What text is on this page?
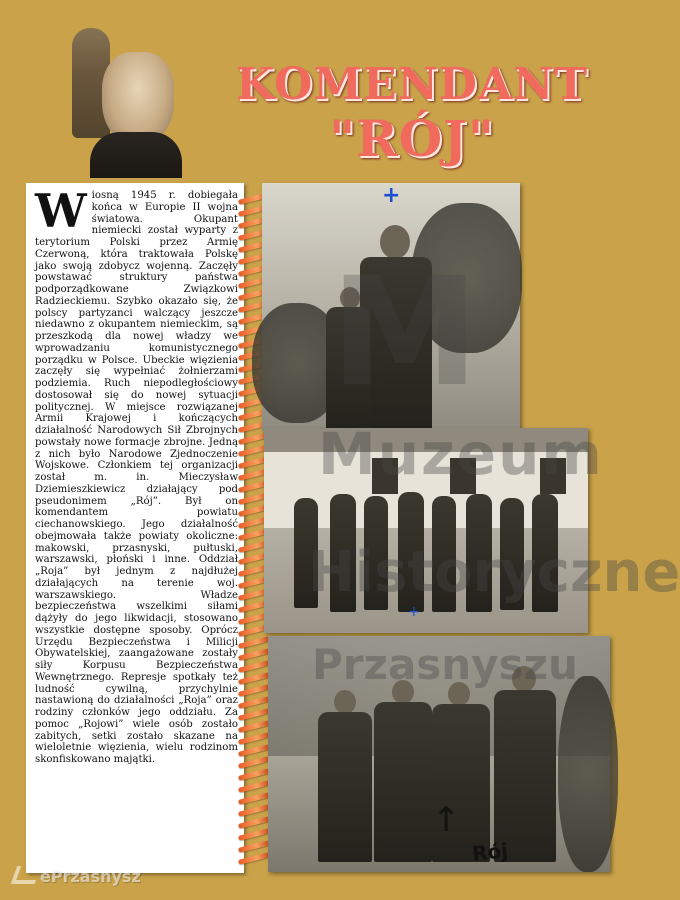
KOMENDANT
"RÓJ"

Wiosną 1945 r. dobiegała końca w Europie II wojna światowa. Okupant niemiecki został wyparty z terytorium Polski przez Armię Czerwoną, która traktowała Polskę jako swoją zdobycz wojenną. Zaczęły powstawać struktury państwa podporządkowane Związkowi Radzieckiemu. Szybko okazało się, że polscy partyzanci walczący jeszcze niedawno z okupantem niemieckim, są przeszkodą dla nowej władzy we wprowadzaniu komunistycznego porządku w Polsce. Ubeckie więzienia zaczęły się wypełniać żołnierzami podziemia. Ruch niepodległościowy dostosował się do nowej sytuacji politycznej. W miejsce rozwiązanej Armii Krajowej i kończących działalność Narodowych Sił Zbrojnych powstały nowe formacje zbrojne. Jedną z nich było Narodowe Zjednoczenie Wojskowe. Członkiem tej organizacji został m. in. Mieczysław Dziemieszkiewicz działający pod pseudonimem „Rój”. Był on komendantem powiatu ciechanowskiego. Jego działalność obejmowała także powiaty okoliczne: makowski, przasnyski, pułtuski, warszawski, płoński i inne. Oddział „Roja” był jednym z najdłużej działających na terenie woj. warszawskiego. Władze bezpieczeństwa wszelkimi siłami dążyły do jego likwidacji, stosowano wszystkie dostępne sposoby. Oprócz Urzędu Bezpieczeństwa i Milicji Obywatelskiej, zaangażowane zostały siły Korpusu Bezpieczeństwa Wewnętrznego. Represje spotkały też ludność cywilną, przychylnie nastawioną do działalności „Roja” oraz rodziny członków jego oddziału. Za pomoc „Rojowi” wiele osób zostało zabitych, setki zostało skazane na wieloletnie więzienia, wielu rodzinom skonfiskowano majątki.

+
+
↑
Rój
M
Muzeum
Historyczne
Przasnyszu
ePrzasnysz
